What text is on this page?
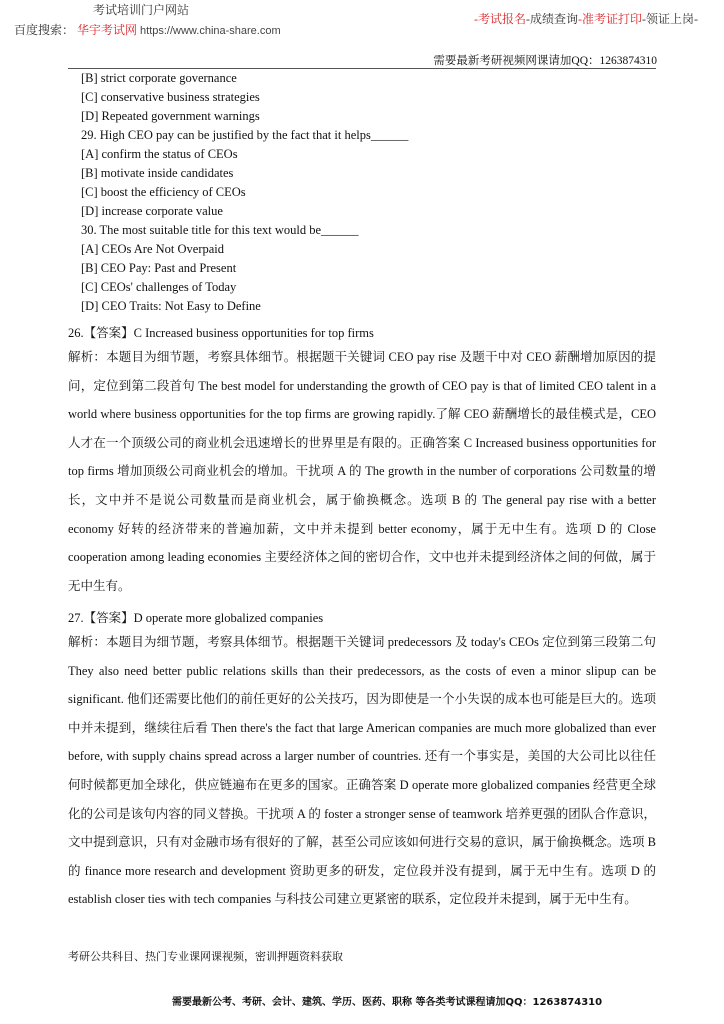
考试培训门户网站
百度搜索： 华宇考试网 https://www.china-share.com
-考试报名-成绩查询-准考证打印-领证上岗-
需要最新考研视频网课请加QQ：1263874310
[B] strict corporate governance
[C] conservative business strategies
[D] Repeated government warnings
29. High CEO pay can be justified by the fact that it helps______
[A] confirm the status of CEOs
[B] motivate inside candidates
[C] boost the efficiency of CEOs
[D] increase corporate value
30. The most suitable title for this text would be______
[A] CEOs Are Not Overpaid
[B] CEO Pay: Past and Present
[C] CEOs' challenges of Today
[D] CEO Traits: Not Easy to Define
26.【答案】C Increased business opportunities for top firms
解析：本题目为细节题，考察具体细节。根据题干关键词 CEO pay rise 及题干中对 CEO 薪酬增加原因的提问，定位到第二段首句 The best model for understanding the growth of CEO pay is that of limited CEO talent in a world where business opportunities for the top firms are growing rapidly.了解 CEO 薪酬增长的最佳模式是，CEO 人才在一个顶级公司的商业机会迅速增长的世界里是有限的。正确答案 C Increased business opportunities for top firms 增加顶级公司商业机会的增加。干扰项 A 的 The growth in the number of corporations 公司数量的增长，文中并不是说公司数量而是商业机会，属于偷换概念。选项 B 的 The general pay rise with a better economy 好转的经济带来的普遍加薪，文中并未提到 better economy，属于无中生有。选项 D 的 Close cooperation among leading economies 主要经济体之间的密切合作，文中也并未提到经济体之间的何做，属于无中生有。
27.【答案】D operate more globalized companies
解析：本题目为细节题，考察具体细节。根据题干关键词 predecessors 及 today's CEOs 定位到第三段第二句 They also need better public relations skills than their predecessors, as the costs of even a minor slipup can be significant. 他们还需要比他们的前任更好的公关技巧，因为即使是一个小失误的成本也可能是巨大的。选项中并未提到，继续往后看 Then there's the fact that large American companies are much more globalized than ever before, with supply chains spread across a larger number of countries. 还有一个事实是，美国的大公司比以往任何时候都更加全球化，供应链遍布在更多的国家。正确答案 D operate more globalized companies 经营更全球化的公司是该句内容的同义替换。干扰项 A 的 foster a stronger sense of teamwork 培养更强的团队合作意识，文中提到意识，只有对金融市场有很好的了解，甚至公司应该如何进行交易的意识，属于偷换概念。选项 B 的 finance more research and development 资助更多的研发，定位段并没有提到，属于无中生有。选项 D 的 establish closer ties with tech companies 与科技公司建立更紧密的联系，定位段并未提到，属于无中生有。
考研公共科目、热门专业课网课视频，密训押题资料获取
需要最新公考、考研、会计、建筑、学历、医药、职称 等各类考试课程请加QQ：1263874310
